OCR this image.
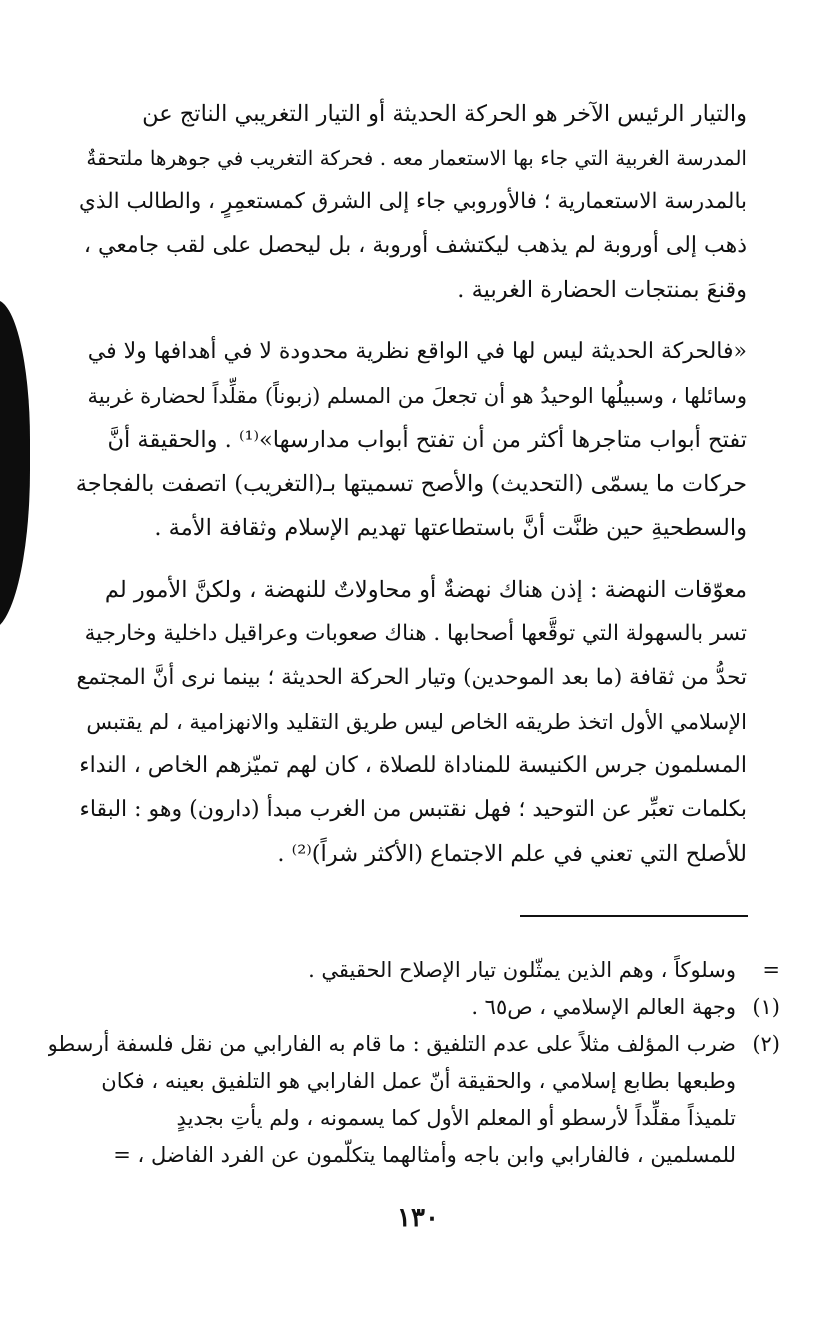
والتيار الرئيس الآخر هو الحركة الحديثة أو التيار التغريبي الناتج عن
المدرسة الغربية التي جاء بها الاستعمار معه . فحركة التغريب في جوهرها ملتحقةٌ
بالمدرسة الاستعمارية ؛ فالأوروبي جاء إلى الشرق كمستعمِرٍ ، والطالب الذي
ذهب إلى أوروبة لم يذهب ليكتشف أوروبة ، بل ليحصل على لقب جامعي ،
وقنعَ بمنتجات الحضارة الغربية .
«فالحركة الحديثة ليس لها في الواقع نظرية محدودة لا في أهدافها ولا في
وسائلها ، وسبيلُها الوحيدُ هو أن تجعلَ من المسلم (زبوناً) مقلِّداً لحضارة غربية
تفتح أبواب متاجرها أكثر من أن تفتح أبواب مدارسها»⁽¹⁾ . والحقيقة أنَّ
حركات ما يسمّى (التحديث) والأصح تسميتها بـ(التغريب) اتصفت بالفجاجة
والسطحيةِ حين ظنَّت أنَّ باستطاعتها تهديم الإسلام وثقافة الأمة .
معوّقات النهضة : إذن هناك نهضةٌ أو محاولاتٌ للنهضة ، ولكنَّ الأمور لم
تسر بالسهولة التي توقَّعها أصحابها . هناك صعوبات وعراقيل داخلية وخارجية
تحدُّ من ثقافة (ما بعد الموحدين) وتيار الحركة الحديثة ؛ بينما نرى أنَّ المجتمع
الإسلامي الأول اتخذ طريقه الخاص ليس طريق التقليد والانهزامية ، لم يقتبس
المسلمون جرس الكنيسة للمناداة للصلاة ، كان لهم تميّزهم الخاص ، النداء
بكلمات تعبِّر عن التوحيد ؛ فهل نقتبس من الغرب مبدأ (دارون) وهو : البقاء
للأصلح التي تعني في علم الاجتماع (الأكثر شراً)⁽²⁾ .
=
وسلوكاً ، وهم الذين يمثّلون تيار الإصلاح الحقيقي .
(١)
وجهة العالم الإسلامي ، ص٦٥ .
(٢)
ضرب المؤلف مثلاً على عدم التلفيق : ما قام به الفارابي من نقل فلسفة أرسطو
وطبعها بطابع إسلامي ، والحقيقة أنّ عمل الفارابي هو التلفيق بعينه ، فكان
تلميذاً مقلِّداً لأرسطو أو المعلم الأول كما يسمونه ، ولم يأتِ بجديدٍ
للمسلمين ، فالفارابي وابن باجه وأمثالهما يتكلّمون عن الفرد الفاضل ، =
١٣٠
